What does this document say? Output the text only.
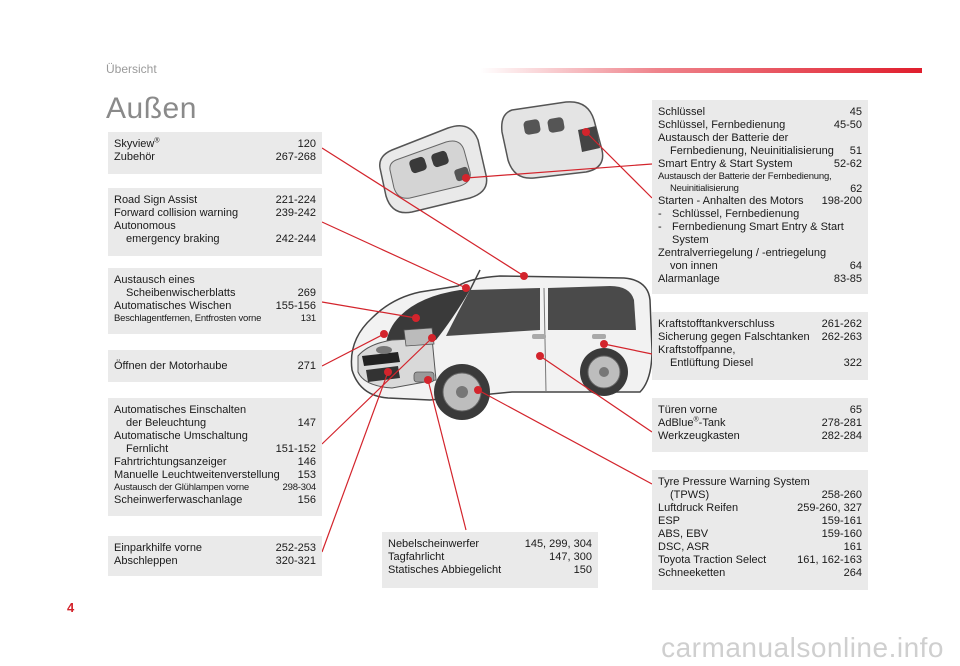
Übersicht
Außen
Skyview®	120
Zubehör	267-268
Road Sign Assist	221-224
Forward collision warning	239-242
Autonomous
emergency braking	242-244
Austausch eines
Scheibenwischerblatts	269
Automatisches Wischen	155-156
Beschlagentfernen, Entfrosten vorne	131
Öffnen der Motorhaube	271
Automatisches Einschalten
der Beleuchtung	147
Automatische Umschaltung
Fernlicht	151-152
Fahrtrichtungsanzeiger	146
Manuelle Leuchtweitenverstellung	153
Austausch der Glühlampen vorne	298-304
Scheinwerferwaschanlage	156
Einparkhilfe vorne	252-253
Abschleppen	320-321
Nebelscheinwerfer	145, 299, 304
Tagfahrlicht	147, 300
Statisches Abbiegelicht	150
Schlüssel	45
Schlüssel, Fernbedienung	45-50
Austausch der Batterie der
Fernbedienung, Neuinitialisierung	51
Smart Entry & Start System	52-62
Austausch der Batterie der Fernbedienung,
Neuinitialisierung	62
Starten - Anhalten des Motors	198-200
- Schlüssel, Fernbedienung
- Fernbedienung Smart Entry & Start
System
Zentralverriegelung / -entriegelung
von innen	64
Alarmanlage	83-85
Kraftstofftankverschluss	261-262
Sicherung gegen Falschtanken	262-263
Kraftstoffpanne,
Entlüftung Diesel	322
Türen vorne	65
AdBlue®-Tank	278-281
Werkzeugkasten	282-284
Tyre Pressure Warning System
(TPWS)	258-260
Luftdruck Reifen	259-260, 327
ESP	159-161
ABS, EBV	159-160
DSC, ASR	161
Toyota Traction Select	161, 162-163
Schneeketten	264
4
carmanualsonline.info
